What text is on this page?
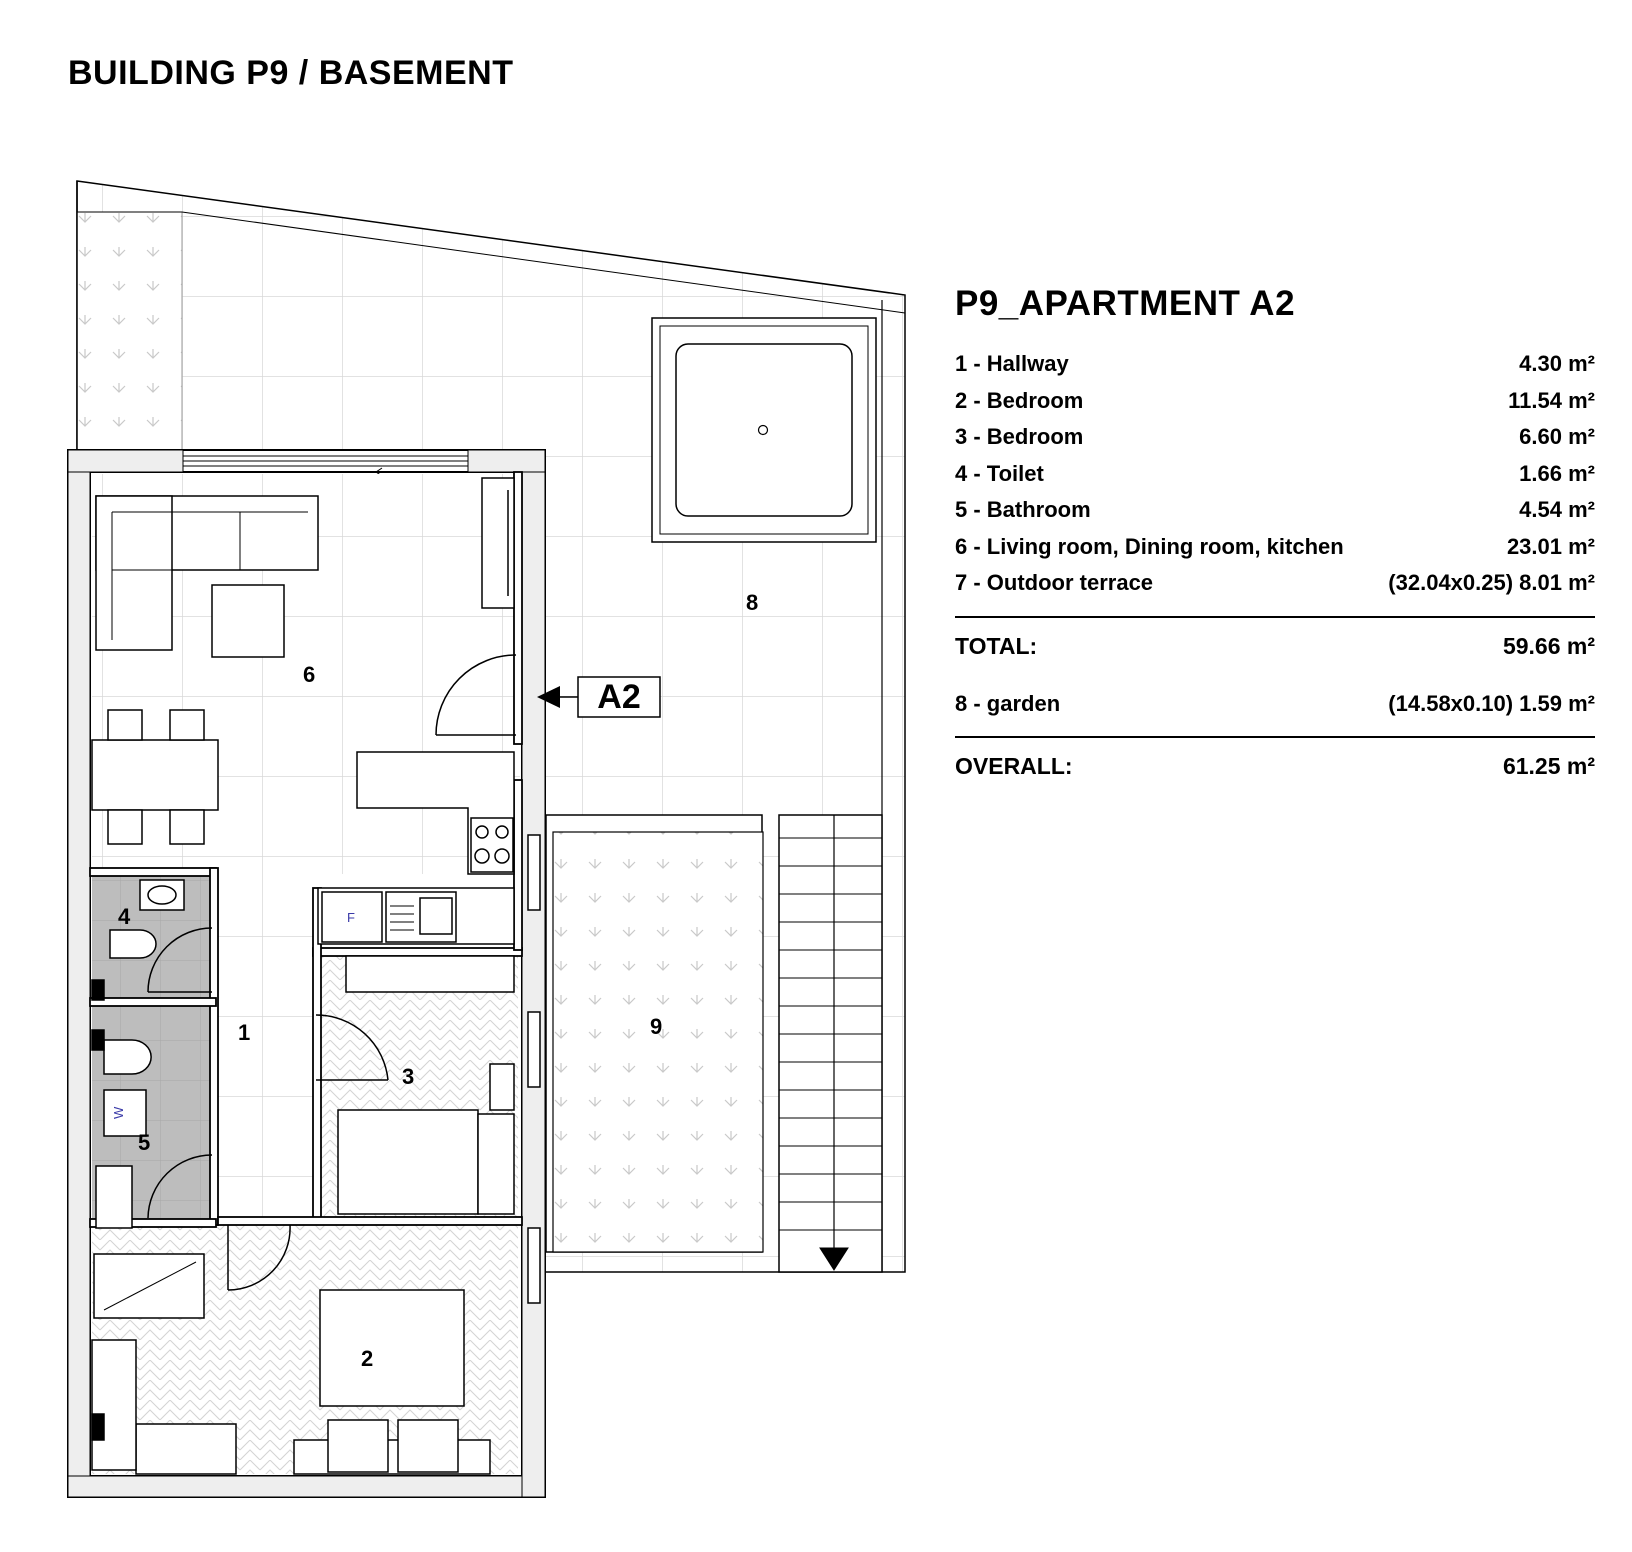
BUILDING P9 / BASEMENT
F
W
A2
1
2
3
4
5
6
8
9
P9_APARTMENT A2
1 - Hallway	4.30 m²
2 - Bedroom	11.54 m²
3 - Bedroom	6.60 m²
4 - Toilet	1.66 m²
5 - Bathroom	4.54 m²
6 - Living room, Dining room, kitchen	23.01 m²
7 - Outdoor terrace	(32.04x0.25) 8.01 m²
TOTAL:	59.66 m²
8 - garden	(14.58x0.10) 1.59 m²
OVERALL:	61.25 m²
